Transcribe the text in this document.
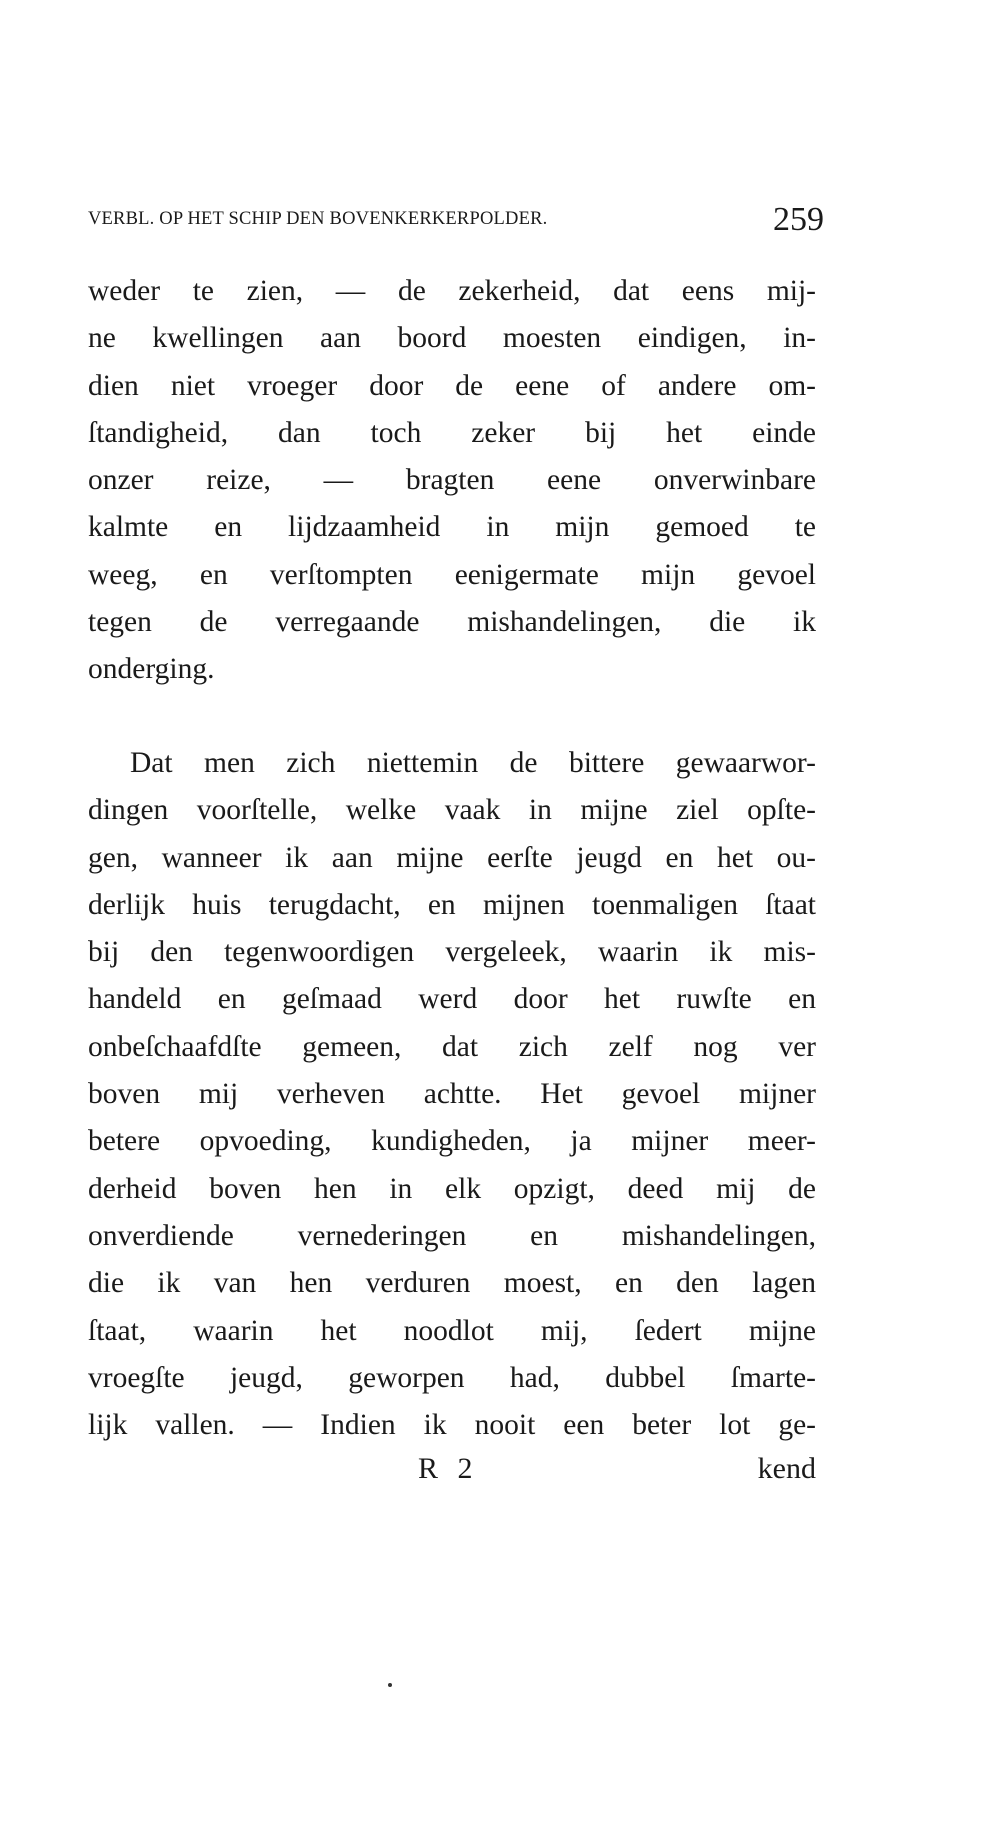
VERBL. OP HET SCHIP DEN BOVENKERKERPOLDER.	259
weder te zien, — de zekerheid, dat eens mij-
ne kwellingen aan boord moesten eindigen, in-
dien niet vroeger door de eene of andere om-
ſtandigheid, dan toch zeker bij het einde
onzer reize, — bragten eene onverwinbare
kalmte en lijdzaamheid in mijn gemoed te
weeg, en verſtompten eenigermate mijn gevoel
tegen de verregaande mishandelingen, die ik
onderging.
Dat men zich niettemin de bittere gewaarwor-
dingen voorſtelle, welke vaak in mijne ziel opſte-
gen, wanneer ik aan mijne eerſte jeugd en het ou-
derlijk huis terugdacht, en mijnen toenmaligen ſtaat
bij den tegenwoordigen vergeleek, waarin ik mis-
handeld en geſmaad werd door het ruwſte en
onbeſchaafdſte gemeen, dat zich zelf nog ver
boven mij verheven achtte. Het gevoel mijner
betere opvoeding, kundigheden, ja mijner meer-
derheid boven hen in elk opzigt, deed mij de
onverdiende vernederingen en mishandelingen,
die ik van hen verduren moest, en den lagen
ſtaat, waarin het noodlot mij, ſedert mijne
vroegſte jeugd, geworpen had, dubbel ſmarte-
lijk vallen. — Indien ik nooit een beter lot ge-
R 2	kend
